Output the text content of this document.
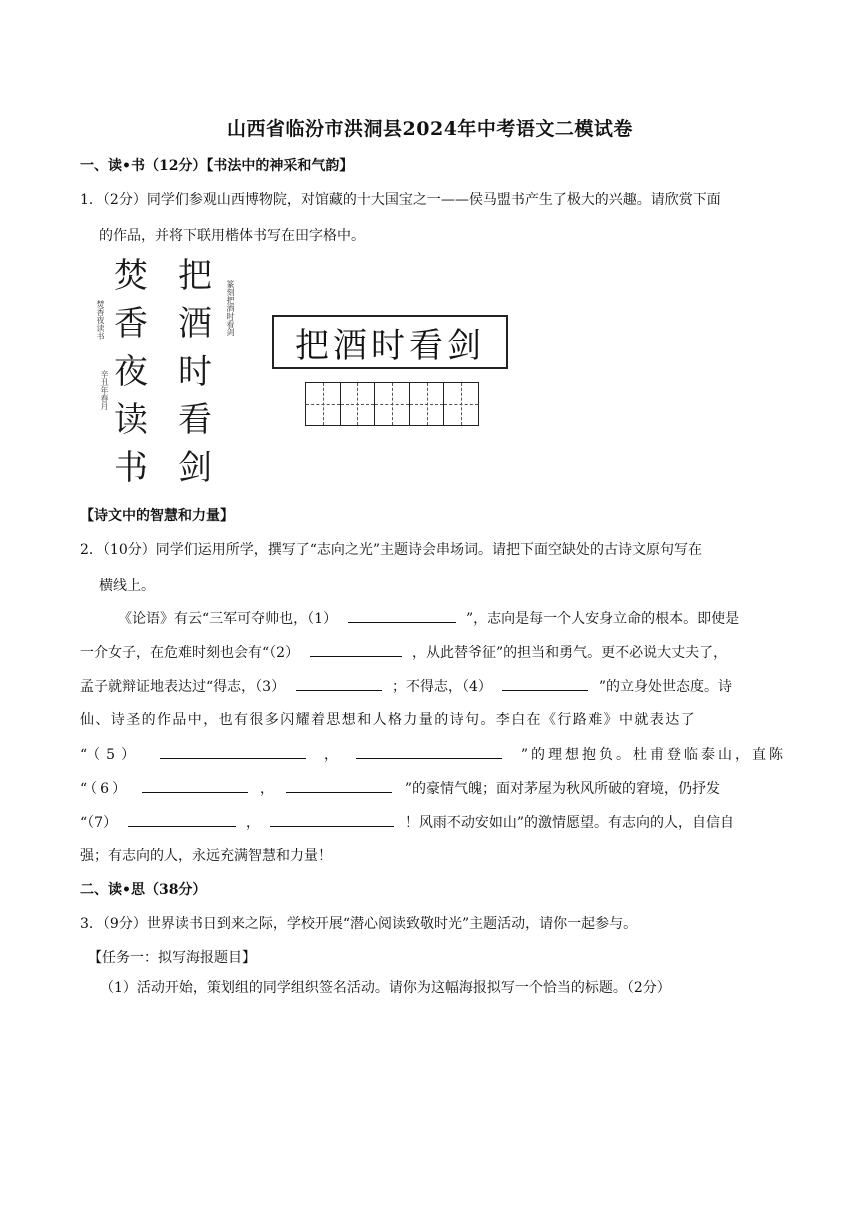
山西省临汾市洪洞县2024年中考语文二模试卷
一、读•书（12分）【书法中的神采和气韵】
1．（2分）同学们参观山西博物院，对馆藏的十大国宝之一——侯马盟书产生了极大的兴趣。请欣赏下面
的作品，并将下联用楷体书写在田字格中。
焚
香
夜
读
书
焚香夜读书
辛丑年春月
把
酒
时
看
剑
篆刻把酒时看剑
把酒时看剑
【诗文中的智慧和力量】
2．（10分）同学们运用所学，撰写了“志向之光”主题诗会串场词。请把下面空缺处的古诗文原句写在
横线上。
《论语》有云“三军可夺帅也，（1）	”，志向是每一个人安身立命的根本。即使是
一介女子，在危难时刻也会有“（2）	，从此替爷征”的担当和勇气。更不必说大丈夫了，
孟子就辩证地表达过“得志，（3）	；不得志，（4）	”的立身处世态度。诗
仙、诗圣的作品中，也有很多闪耀着思想和人格力量的诗句。李白在《行路难》中就表达了
“（5）	，	”的理想抱负。杜甫登临泰山，直陈
“（6）	，	”的豪情气魄；面对茅屋为秋风所破的窘境，仍抒发
“（7）	，	！风雨不动安如山”的激情愿望。有志向的人，自信自
强；有志向的人，永远充满智慧和力量！
二、读•思（38分）
3．（9分）世界读书日到来之际，学校开展“潜心阅读致敬时光”主题活动，请你一起参与。
【任务一：拟写海报题目】
（1）活动开始，策划组的同学组织签名活动。请你为这幅海报拟写一个恰当的标题。（2分）
